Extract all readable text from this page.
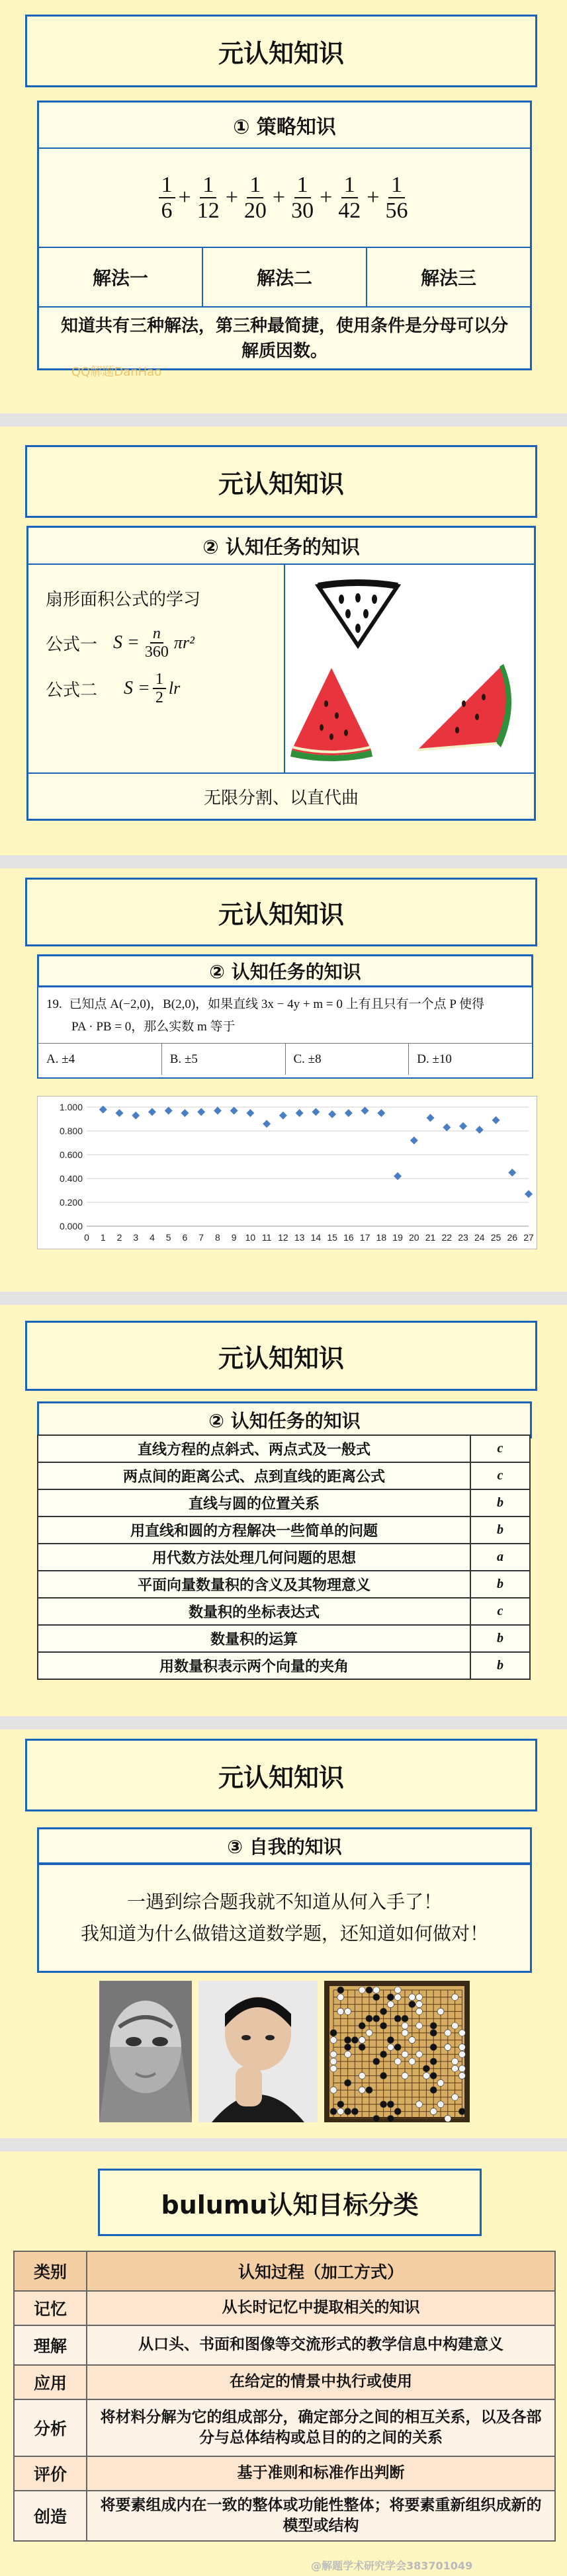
元认知知识
① 策略知识
$\frac{1}{6} + \frac{1}{12} + \frac{1}{20} + \frac{1}{30} + \frac{1}{42} + \frac{1}{56}$
解法一	解法二	解法三
知道共有三种解法，第三种最简捷，使用条件是分母可以分解质因数。
QQ解题DanHao
元认知知识
② 认知任务的知识
扇形面积公式的学习
公式一 $S = \frac{n}{360} \pi r^2$
公式二 $S = \frac{1}{2}$ lr
无限分割、以直代曲
元认知知识
② 认知任务的知识
19. 已知点 A(−2,0)，B(2,0)，如果直线 3x − 4y + m = 0 上有且只有一个点 P 使得
PA · PB = 0，那么实数 m 等于
A. ±4	B. ±5	C. ±8	D. ±10
0.000
0.200
0.400
0.600
0.800
1.000
0 1 2 3 4 5 6 7 8 9 10 11 12 13 14 15 16 17 18 19 20 21 22 23 24 25 26 27
元认知知识
② 认知任务的知识
直线方程的点斜式、两点式及一般式	c
两点间的距离公式、点到直线的距离公式	c
直线与圆的位置关系	b
用直线和圆的方程解决一些简单的问题	b
用代数方法处理几何问题的思想	a
平面向量数量积的含义及其物理意义	b
数量积的坐标表达式	c
数量积的运算	b
用数量积表示两个向量的夹角	b
元认知知识
③ 自我的知识
一遇到综合题我就不知道从何入手了！
我知道为什么做错这道数学题，还知道如何做对！
bulumu认知目标分类
类别	认知过程（加工方式）
记忆	从长时记忆中提取相关的知识
理解	从口头、书面和图像等交流形式的教学信息中构建意义
应用	在给定的情景中执行或使用
分析	将材料分解为它的组成部分，确定部分之间的相互关系，以及各部分与总体结构或总目的的之间的关系
评价	基于准则和标准作出判断
创造	将要素组成内在一致的整体或功能性整体；将要素重新组织成新的模型或结构
@解题学术研究学会383701049
